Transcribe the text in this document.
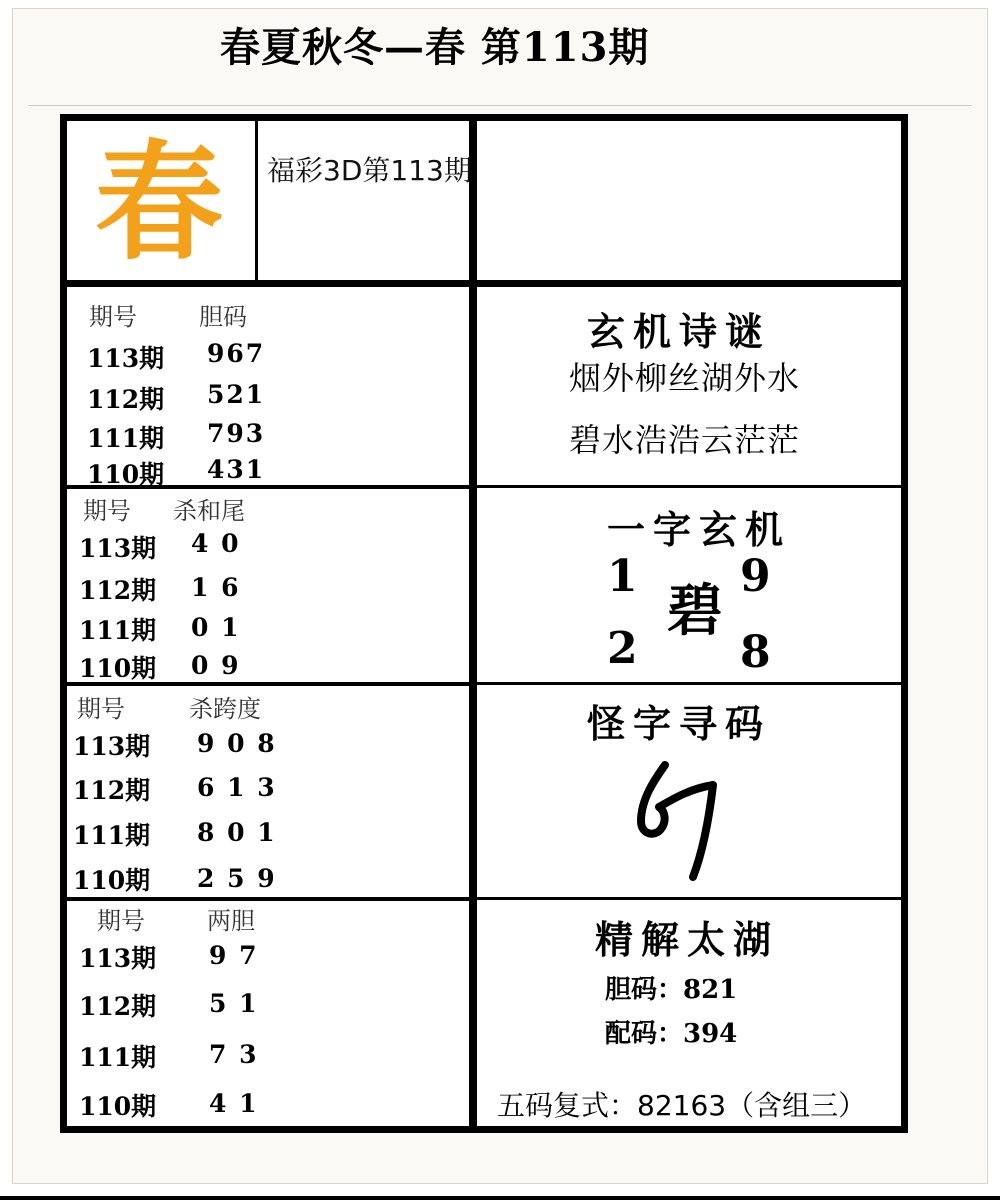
春夏秋冬—春 第113期
春 福彩3D第113期
期号	胆码
113期 967
112期 521
111期 793
110期 431
期号 杀和尾
113期 4 0
112期 1 6
111期 0 1
110期 0 9
期号	杀跨度
113期 9 0 8
112期 6 1 3
111期 8 0 1
110期 2 5 9
期号	两胆
113期 9 7
112期 5 1
111期 7 3
110期 4 1
玄机诗谜
烟外柳丝湖外水
碧水浩浩云茫茫
一字玄机
1 9
碧
2 8
怪字寻码
精解太湖
胆码：821
配码：394
五码复式：82163（含组三）
